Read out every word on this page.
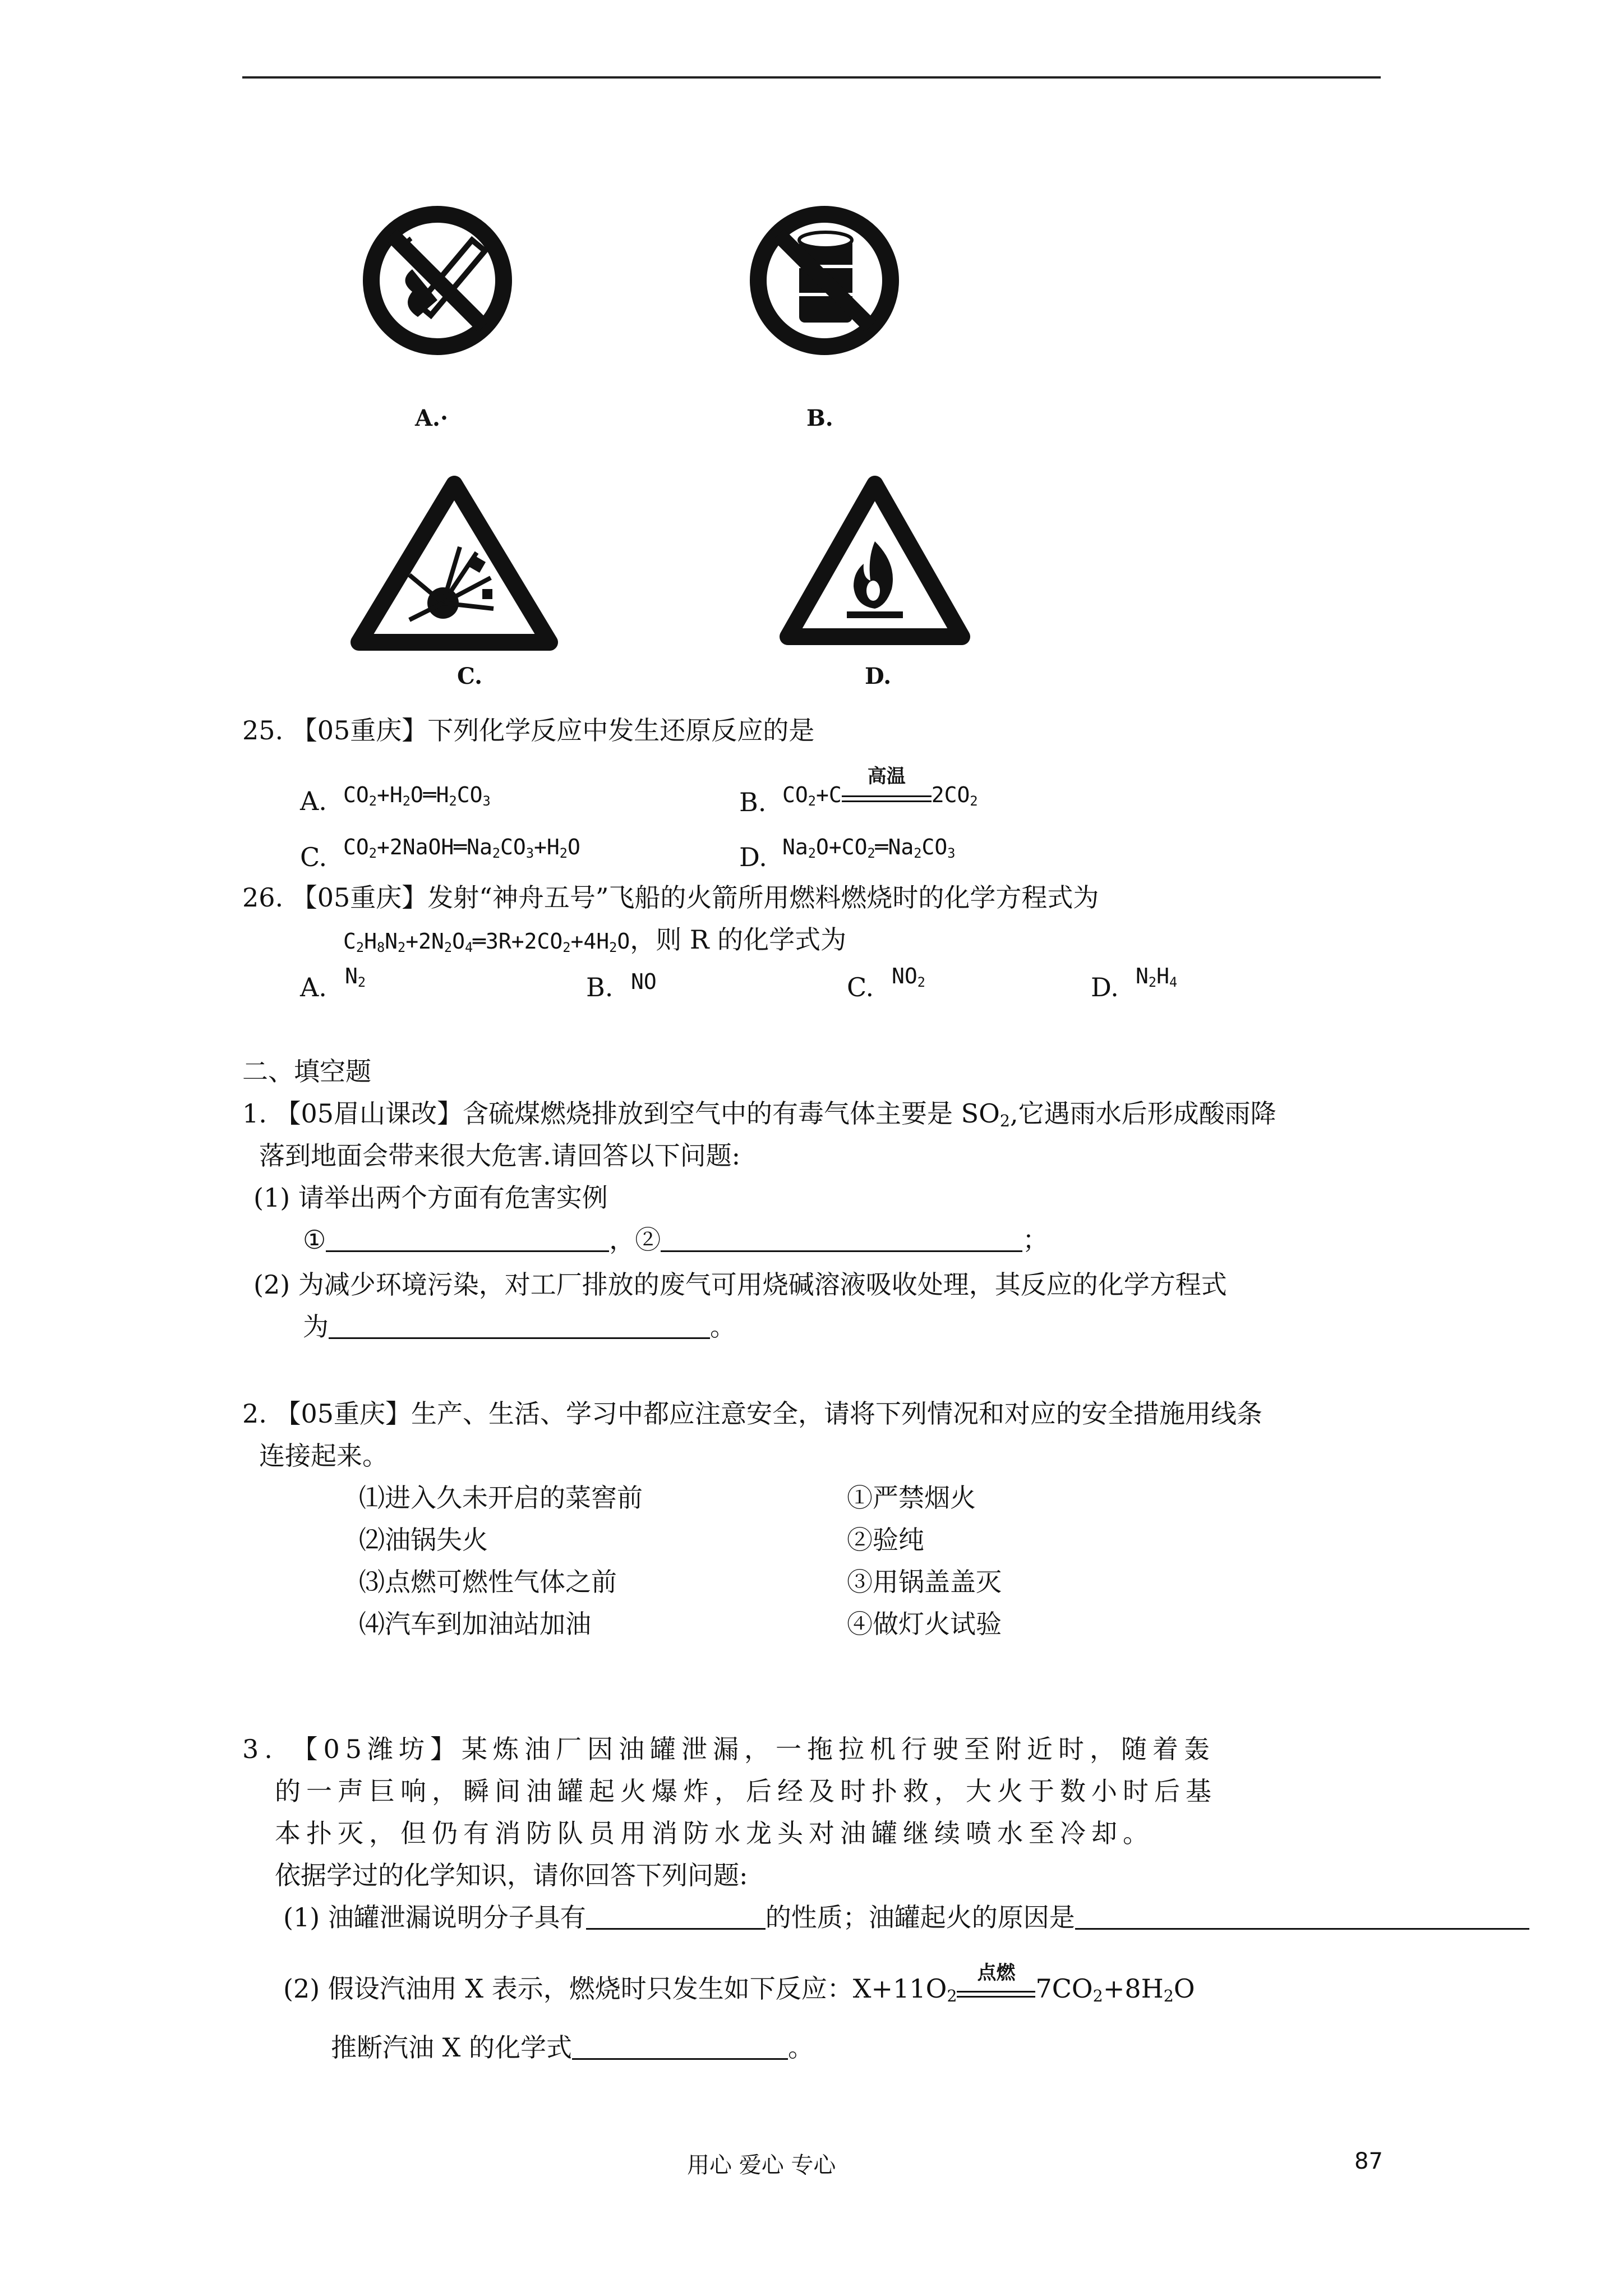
A.·	B.
C.	D.
25. 【05重庆】下列化学反应中发生还原反应的是
A. $CO_2+H_2O═H_2CO_3$	B. $CO_2+C$
高温
$2CO_2$
C. $CO_2+2NaOH═Na_2CO_3+H_2O$	D. $Na_2O+CO_2═Na_2CO_3$
26. 【05重庆】发射“神舟五号”飞船的火箭所用燃料燃烧时的化学方程式为
$C_2H_8N_2+2N_2O_4═3R+2CO_2+4H_2O$，则 R 的化学式为
A. $N_2$	B. NO	C. $NO_2$	D. $N_2H_4$
二、填空题
1. 【05眉山课改】含硫煤燃烧排放到空气中的有毒气体主要是 $SO_2$,它遇雨水后形成酸雨降
落到地面会带来很大危害.请回答以下问题:
(1) 请举出两个方面有危害实例
①	，②	；
(2) 为减少环境污染，对工厂排放的废气可用烧碱溶液吸收处理，其反应的化学方程式
为	。
2. 【05重庆】生产、生活、学习中都应注意安全，请将下列情况和对应的安全措施用线条
连接起来。
⑴进入久未开启的菜窖前	①严禁烟火
⑵油锅失火	②验纯
⑶点燃可燃性气体之前	③用锅盖盖灭
⑷汽车到加油站加油	④做灯火试验
3. 【05潍坊】某炼油厂因油罐泄漏，一拖拉机行驶至附近时，随着轰
的一声巨响，瞬间油罐起火爆炸，后经及时扑救，大火于数小时后基
本扑灭，但仍有消防队员用消防水龙头对油罐继续喷水至冷却。
依据学过的化学知识，请你回答下列问题:
(1) 油罐泄漏说明分子具有	的性质；油罐起火的原因是
(2) 假设汽油用 X 表示，燃烧时只发生如下反应：$X+11O_2$
点燃
$7CO_2+8H_2O$
推断汽油 X 的化学式	。
用心 爱心 专心	87
